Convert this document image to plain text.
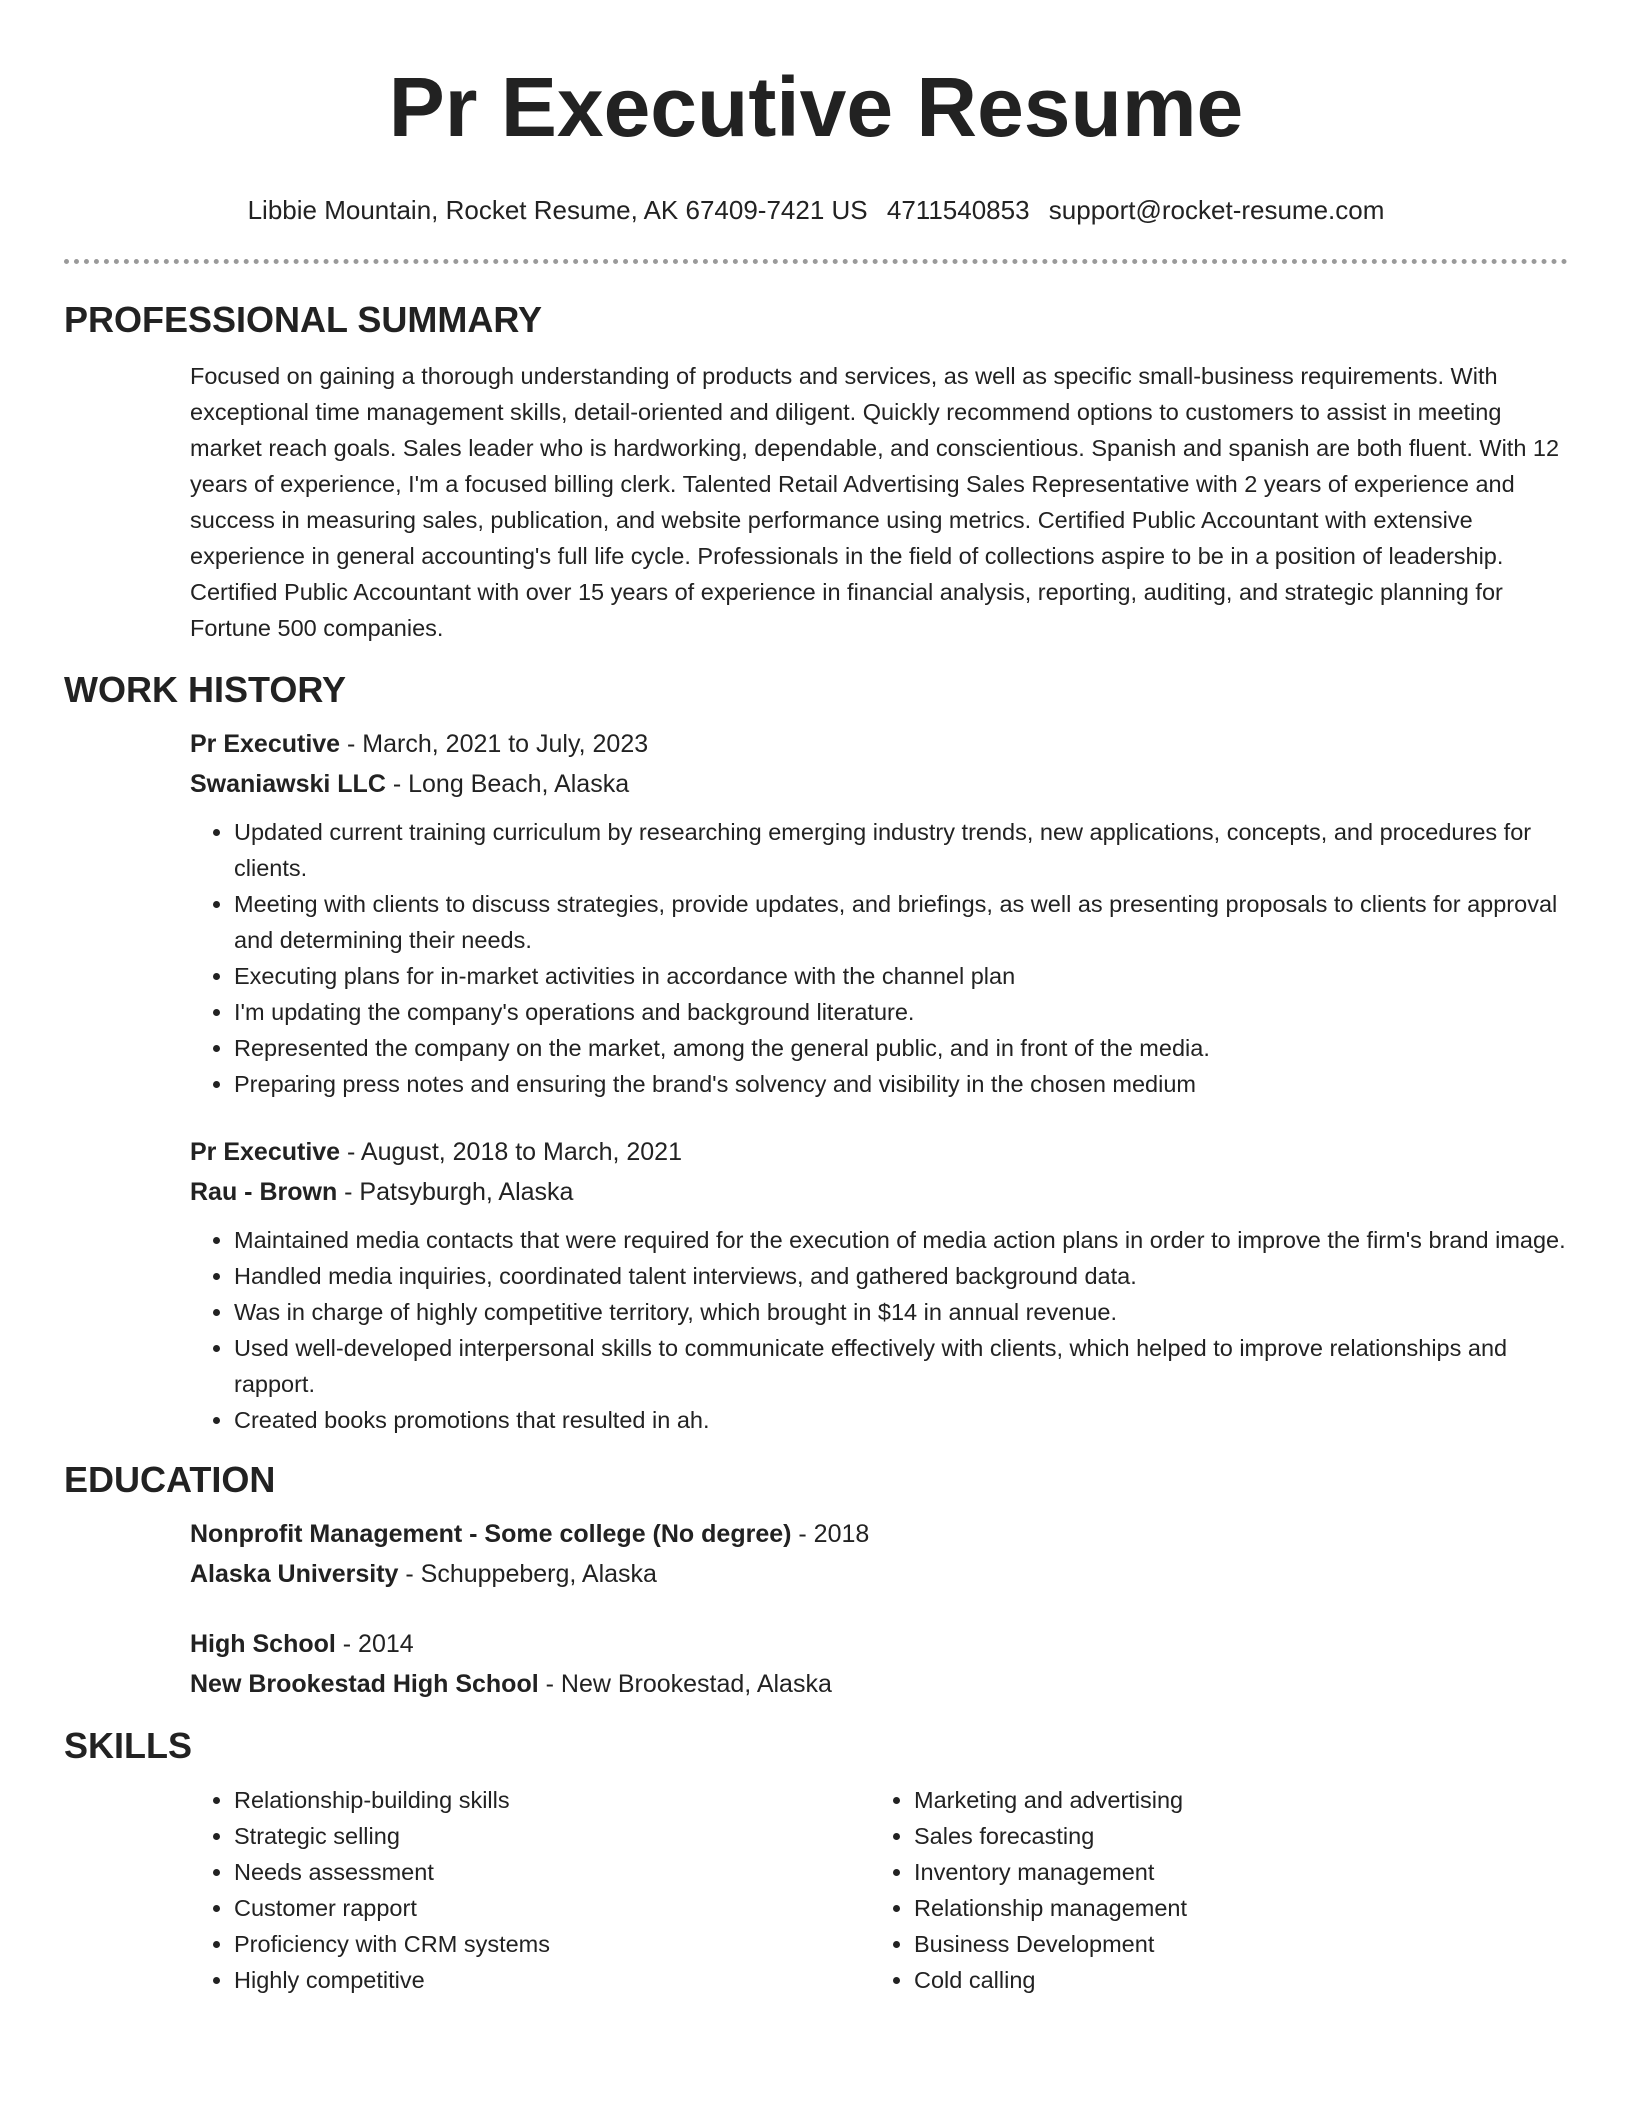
Pr Executive Resume
Libbie Mountain, Rocket Resume, AK 67409-7421 US 4711540853 support@rocket-resume.com
PROFESSIONAL SUMMARY

Focused on gaining a thorough understanding of products and services, as well as specific small-business requirements. With exceptional time management skills, detail-oriented and diligent. Quickly recommend options to customers to assist in meeting market reach goals. Sales leader who is hardworking, dependable, and conscientious. Spanish and spanish are both fluent. With 12 years of experience, I'm a focused billing clerk. Talented Retail Advertising Sales Representative with 2 years of experience and success in measuring sales, publication, and website performance using metrics. Certified Public Accountant with extensive experience in general accounting's full life cycle. Professionals in the field of collections aspire to be in a position of leadership. Certified Public Accountant with over 15 years of experience in financial analysis, reporting, auditing, and strategic planning for Fortune 500 companies.

WORK HISTORY
Pr Executive - March, 2021 to July, 2023
Swaniawski LLC - Long Beach, Alaska
• Updated current training curriculum by researching emerging industry trends, new applications, concepts, and procedures for clients.
• Meeting with clients to discuss strategies, provide updates, and briefings, as well as presenting proposals to clients for approval and determining their needs.
• Executing plans for in-market activities in accordance with the channel plan
• I'm updating the company's operations and background literature.
• Represented the company on the market, among the general public, and in front of the media.
• Preparing press notes and ensuring the brand's solvency and visibility in the chosen medium
Pr Executive - August, 2018 to March, 2021
Rau - Brown - Patsyburgh, Alaska
• Maintained media contacts that were required for the execution of media action plans in order to improve the firm's brand image.
• Handled media inquiries, coordinated talent interviews, and gathered background data.
• Was in charge of highly competitive territory, which brought in $14 in annual revenue.
• Used well-developed interpersonal skills to communicate effectively with clients, which helped to improve relationships and rapport.
• Created books promotions that resulted in ah.
EDUCATION
Nonprofit Management - Some college (No degree) - 2018
Alaska University - Schuppeberg, Alaska
High School - 2014
New Brookestad High School - New Brookestad, Alaska
SKILLS
• Relationship-building skills
• Strategic selling
• Needs assessment
• Customer rapport
• Proficiency with CRM systems
• Highly competitive
• Marketing and advertising
• Sales forecasting
• Inventory management
• Relationship management
• Business Development
• Cold calling
